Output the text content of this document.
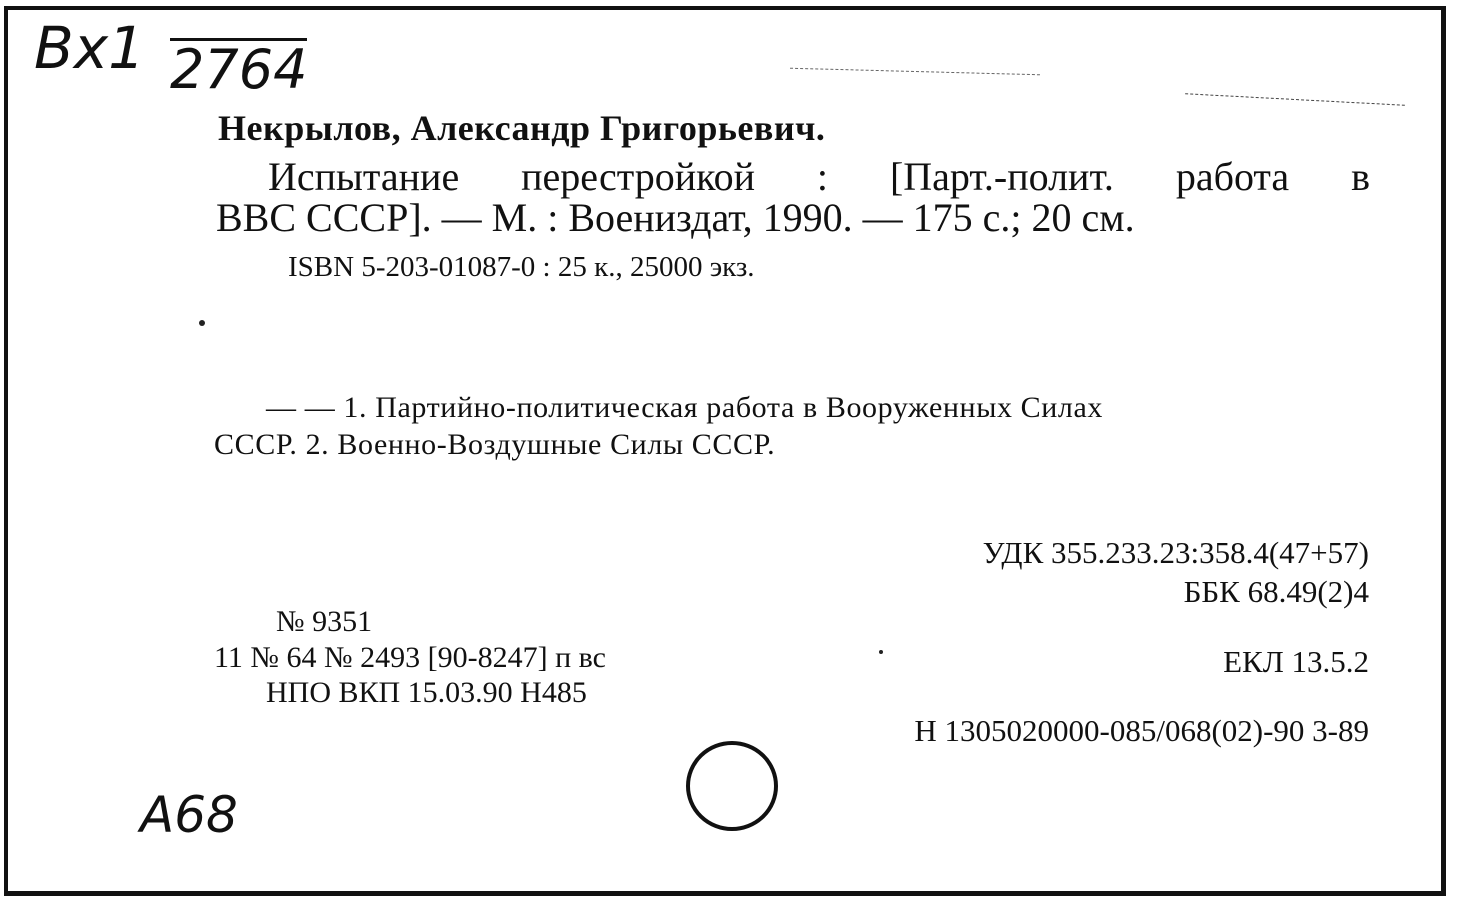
Вх1 2764
А68
Некрылов, Александр Григорьевич.
Испытание перестройкой : [Парт.-полит. работа в
ВВС СССР]. — М. : Воениздат, 1990. — 175 с.; 20 см.
ISBN 5-203-01087-0 : 25 к., 25000 экз.
— — 1. Партийно-политическая работа в Вооруженных Силах
СССР. 2. Военно-Воздушные Силы СССР.
УДК 355.233.23:358.4(47+57)
ББК 68.49(2)4
№ 9351
11 № 64 № 2493 [90-8247] п вс
НПО ВКП 15.03.90 Н485
ЕКЛ 13.5.2
Н 1305020000-085/068(02)-90 3-89
